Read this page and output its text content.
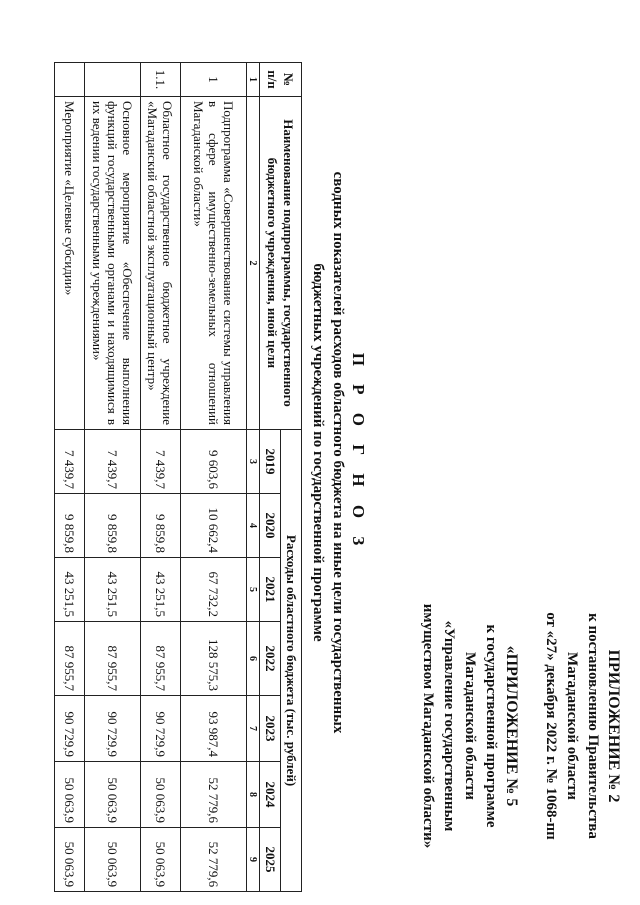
ПРИЛОЖЕНИЕ № 2
к постановлению Правительства
Магаданской области
от «27» декабря 2022 г. № 1068-пп
«ПРИЛОЖЕНИЕ № 5
к государственной программе
Магаданской области
«Управление государственным
имуществом Магаданской области»
П Р О Г Н О З
сводных показателей расходов областного бюджета на иные цели государственных
бюджетных учреждений по государственной программе
№ п/п	Наименование подпрограммы, государственного бюджетного учреждения, иной цели	Расходы областного бюджета (тыс. рублей)						
		2019	2020	2021	2022	2023	2024	2025
1	2	3	4	5	6	7	8	9
1	Подпрограмма «Совершенствование системы управления в сфере имущественно-земельных отношений Магаданской области»	9 603,6	10 662,4	67 732,2	128 575,3	93 987,4	52 779,6	52 779,6
1.1.	Областное государственное бюджетное учреждение «Магаданский областной эксплуатационный центр»	7 439,7	9 859,8	43 251,5	87 955,7	90 729,9	50 063,9	50 063,9
	Основное мероприятие «Обеспечение выполнения функций государственными органами и находящимися в их ведении государственными учреждениями»	7 439,7	9 859,8	43 251,5	87 955,7	90 729,9	50 063,9	50 063,9
	Мероприятие «Целевые субсидии»	7 439,7	9 859,8	43 251,5	87 955,7	90 729,9	50 063,9	50 063,9
